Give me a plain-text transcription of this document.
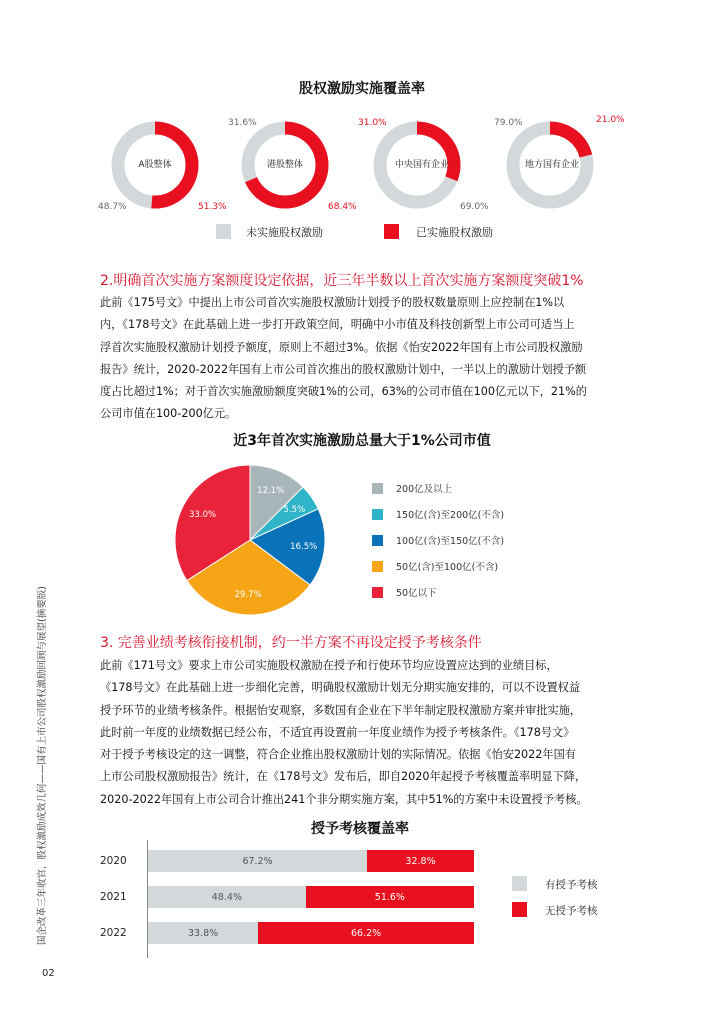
股权激励实施覆盖率
31.6%	31.0%	79.0%	21.0%
48.7%	51.3%	68.4%	69.0%
A股整体	港股整体	中央国有企业	地方国有企业
未实施股权激励	已实施股权激励
2.明确首次实施方案额度设定依据，近三年半数以上首次实施方案额度突破1%
此前《175号文》中提出上市公司首次实施股权激励计划授予的股权数量原则上应控制在1%以
内，《178号文》在此基础上进一步打开政策空间，明确中小市值及科技创新型上市公司可适当上
浮首次实施股权激励计划授予额度，原则上不超过3%。依据《怡安2022年国有上市公司股权激励
报告》统计，2020-2022年国有上市公司首次推出的股权激励计划中，一半以上的激励计划授予额
度占比超过1%；对于首次实施激励额度突破1%的公司，63%的公司市值在100亿元以下，21%的
公司市值在100-200亿元。
近3年首次实施激励总量大于1%公司市值
12.1%
5.5%
16.5%
29.7%
33.0%
200亿及以上
150亿(含)至200亿(不含)
100亿(含)至150亿(不含)
50亿(含)至100亿(不含)
50亿以下
3. 完善业绩考核衔接机制，约一半方案不再设定授予考核条件
此前《171号文》要求上市公司实施股权激励在授予和行使环节均应设置应达到的业绩目标，
《178号文》在此基础上进一步细化完善，明确股权激励计划无分期实施安排的，可以不设置权益
授予环节的业绩考核条件。根据怡安观察，多数国有企业在下半年制定股权激励方案并审批实施，
此时前一年度的业绩数据已经公布，不适宜再设置前一年度业绩作为授予考核条件。《178号文》
对于授予考核设定的这一调整，符合企业推出股权激励计划的实际情况。依据《怡安2022年国有
上市公司股权激励报告》统计，在《178号文》发布后，即自2020年起授予考核覆盖率明显下降，
2020-2022年国有上市公司合计推出241个非分期实施方案，其中51%的方案中未设置授予考核。
授予考核覆盖率
2020
2021
2022
67.2%	32.8%
48.4%	51.6%
33.8%	66.2%
有授予考核
无授予考核
国企改革三年收官，股权激励成效几何——国有上市公司股权激励回顾与展望(摘要版)
02
